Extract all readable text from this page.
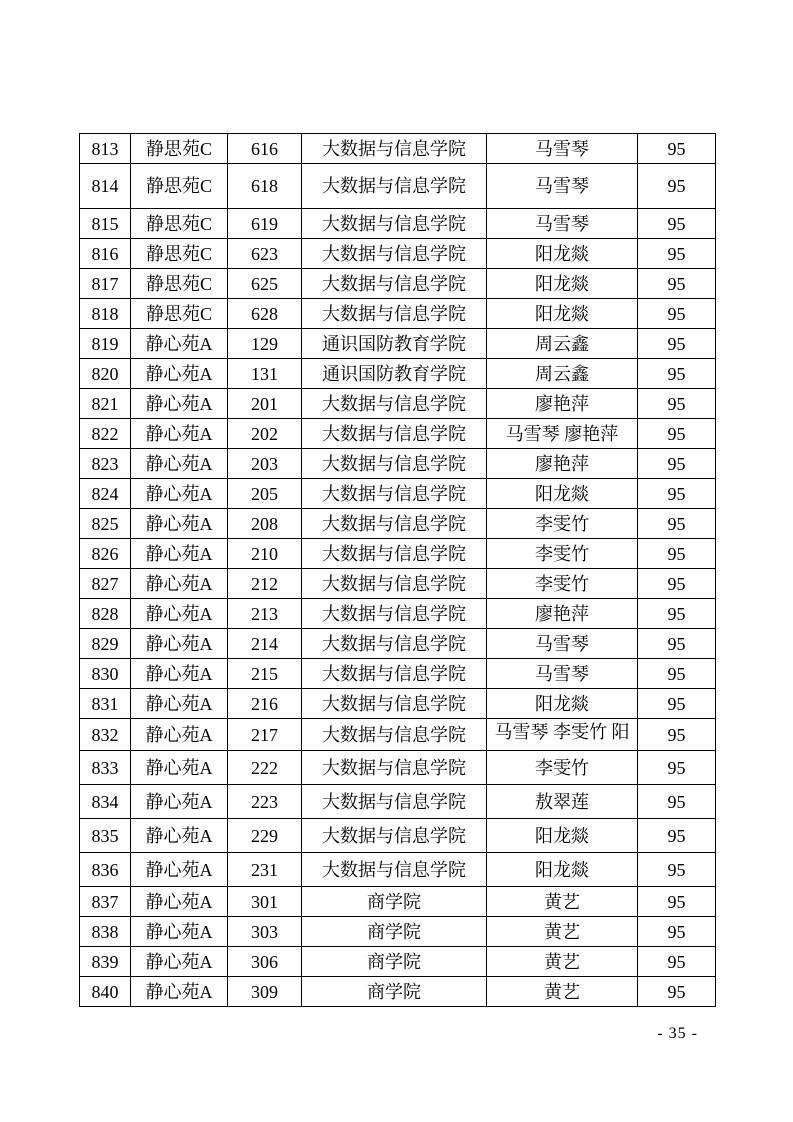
813	静思苑C	616	大数据与信息学院	马雪琴	95
814	静思苑C	618	大数据与信息学院	马雪琴	95
815	静思苑C	619	大数据与信息学院	马雪琴	95
816	静思苑C	623	大数据与信息学院	阳龙燚	95
817	静思苑C	625	大数据与信息学院	阳龙燚	95
818	静思苑C	628	大数据与信息学院	阳龙燚	95
819	静心苑A	129	通识国防教育学院	周云鑫	95
820	静心苑A	131	通识国防教育学院	周云鑫	95
821	静心苑A	201	大数据与信息学院	廖艳萍	95
822	静心苑A	202	大数据与信息学院	马雪琴 廖艳萍	95
823	静心苑A	203	大数据与信息学院	廖艳萍	95
824	静心苑A	205	大数据与信息学院	阳龙燚	95
825	静心苑A	208	大数据与信息学院	李雯竹	95
826	静心苑A	210	大数据与信息学院	李雯竹	95
827	静心苑A	212	大数据与信息学院	李雯竹	95
828	静心苑A	213	大数据与信息学院	廖艳萍	95
829	静心苑A	214	大数据与信息学院	马雪琴	95
830	静心苑A	215	大数据与信息学院	马雪琴	95
831	静心苑A	216	大数据与信息学院	阳龙燚	95
832	静心苑A	217	大数据与信息学院	马雪琴 李雯竹 阳	95
833	静心苑A	222	大数据与信息学院	李雯竹	95
834	静心苑A	223	大数据与信息学院	敖翠莲	95
835	静心苑A	229	大数据与信息学院	阳龙燚	95
836	静心苑A	231	大数据与信息学院	阳龙燚	95
837	静心苑A	301	商学院	黄艺	95
838	静心苑A	303	商学院	黄艺	95
839	静心苑A	306	商学院	黄艺	95
840	静心苑A	309	商学院	黄艺	95
- 35 -
